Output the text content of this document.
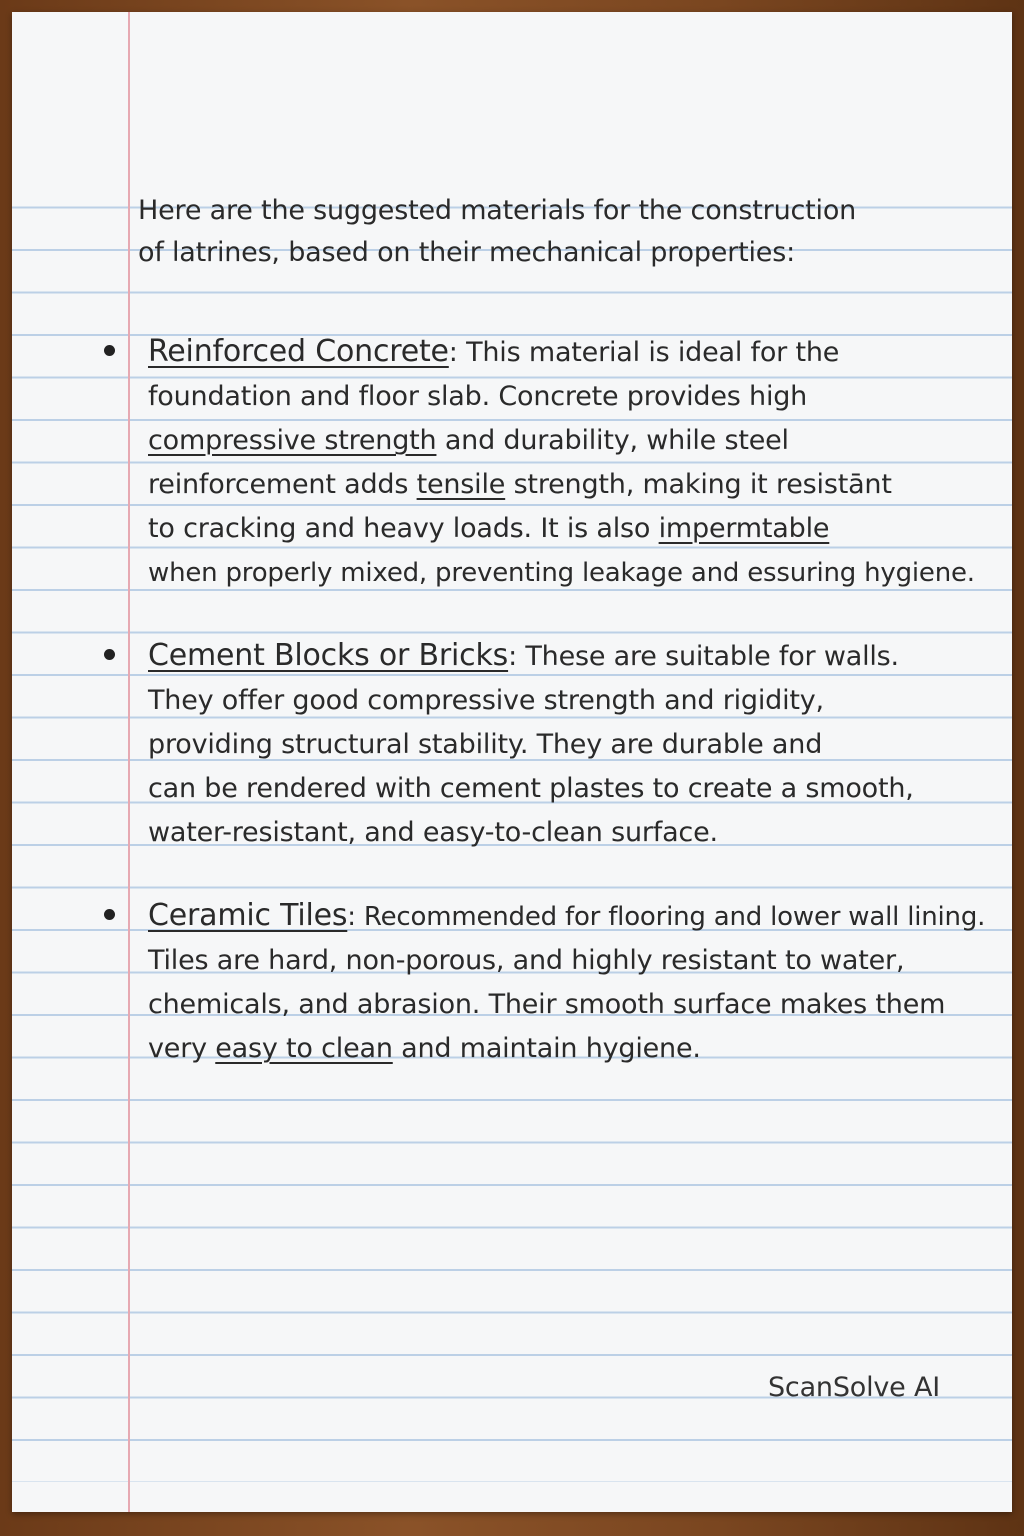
Here are the suggested materials for the construction
of latrines, based on their mechanical properties:
Reinforced Concrete: This material is ideal for the
foundation and floor slab. Concrete provides high
compressive strength and durability, while steel
reinforcement adds tensile strength, making it resistānt
to cracking and heavy loads. It is also impermtable
when properly mixed, preventing leakage and essuring hygiene.
Cement Blocks or Bricks: These are suitable for walls.
They offer good compressive strength and rigidity,
providing structural stability. They are durable and
can be rendered with cement plastes to create a smooth,
water-resistant, and easy-to-clean surface.
Ceramic Tiles: Recommended for flooring and lower wall lining.
Tiles are hard, non-porous, and highly resistant to water,
chemicals, and abrasion. Their smooth surface makes them
very easy to clean and maintain hygiene.
ScanSolve AI
